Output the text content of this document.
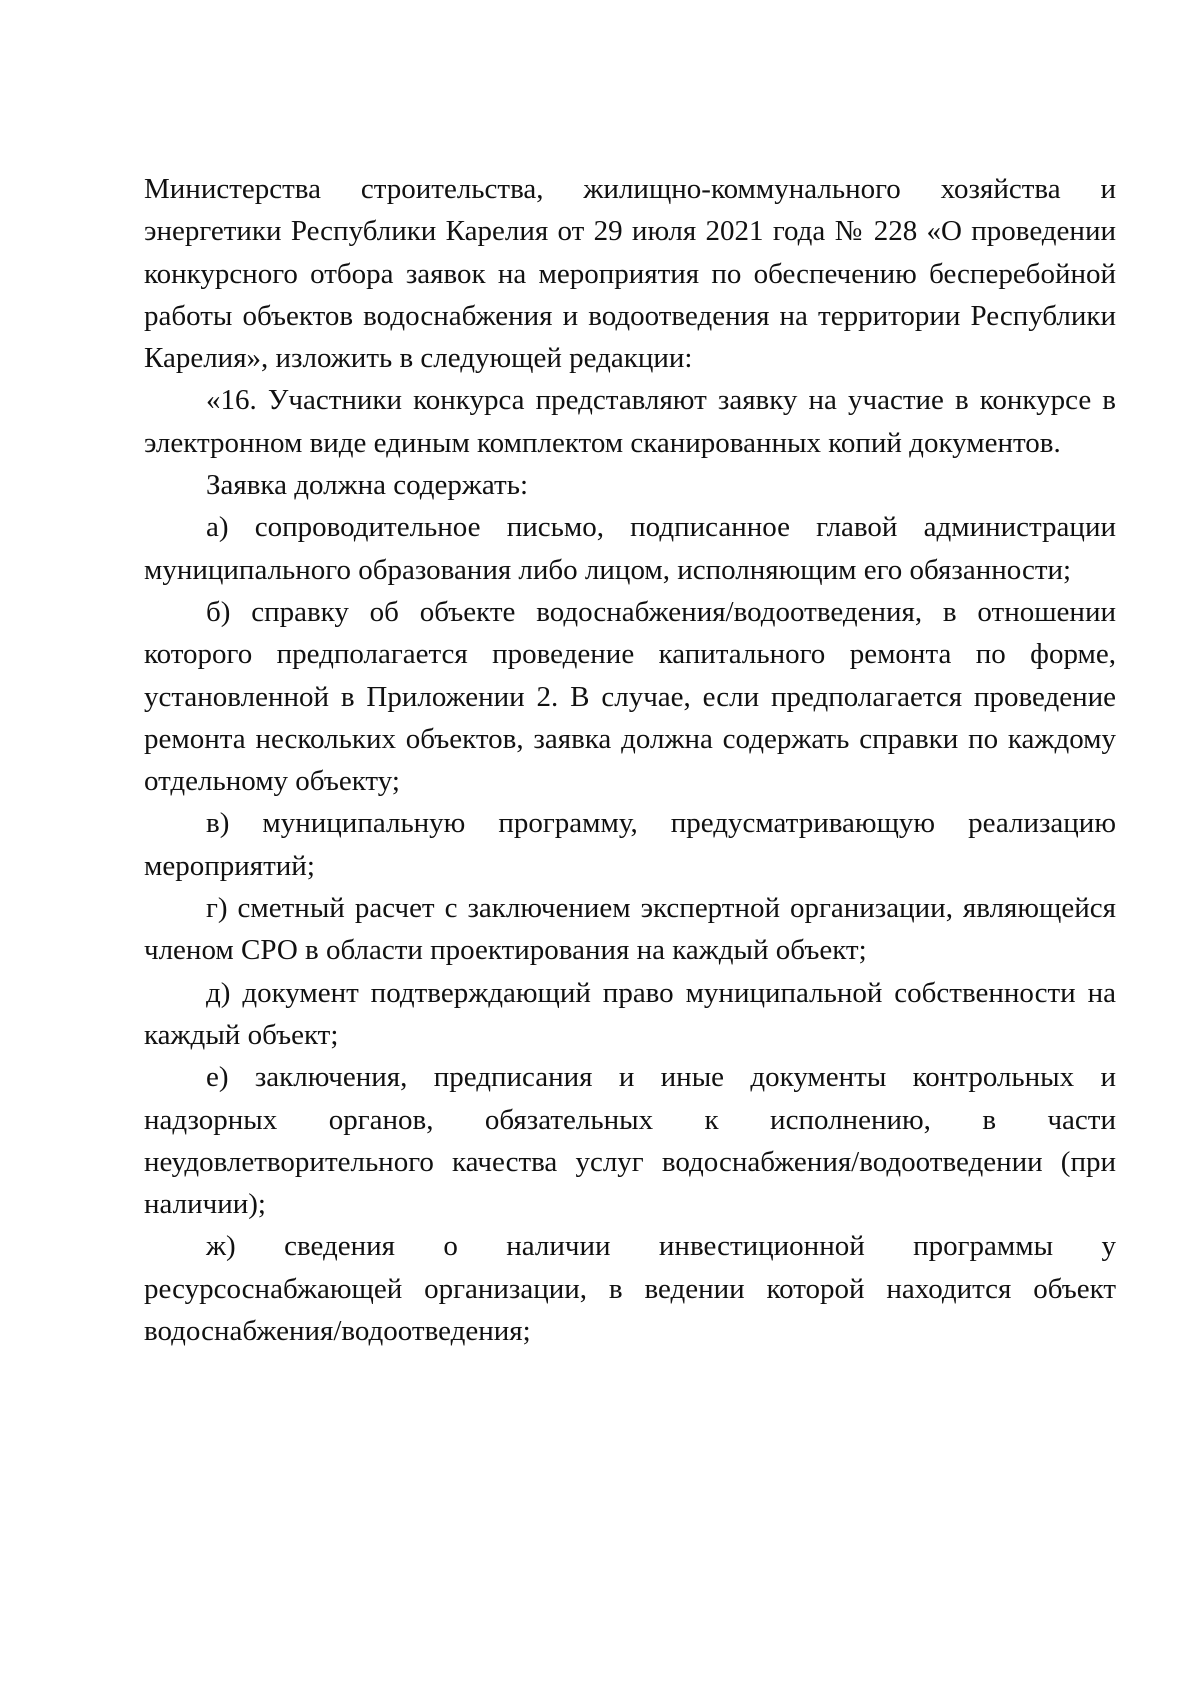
Министерства строительства, жилищно-коммунального хозяйства и энергетики Республики Карелия от 29 июля 2021 года № 228 «О проведении конкурсного отбора заявок на мероприятия по обеспечению бесперебойной работы объектов водоснабжения и водоотведения на территории Республики Карелия», изложить в следующей редакции:

«16. Участники конкурса представляют заявку на участие в конкурсе в электронном виде единым комплектом сканированных копий документов.

Заявка должна содержать:

а) сопроводительное письмо, подписанное главой администрации муниципального образования либо лицом, исполняющим его обязанности;

б) справку об объекте водоснабжения/водоотведения, в отношении которого предполагается проведение капитального ремонта по форме, установленной в Приложении 2. В случае, если предполагается проведение ремонта нескольких объектов, заявка должна содержать справки по каждому отдельному объекту;

в) муниципальную программу, предусматривающую реализацию мероприятий;

г) сметный расчет с заключением экспертной организации, являющейся членом СРО в области проектирования на каждый объект;

д) документ подтверждающий право муниципальной собственности на каждый объект;

е) заключения, предписания и иные документы контрольных и надзорных органов, обязательных к исполнению, в части неудовлетворительного качества услуг водоснабжения/водоотведении (при наличии);

ж) сведения о наличии инвестиционной программы у ресурсоснабжающей организации, в ведении которой находится объект водоснабжения/водоотведения;
